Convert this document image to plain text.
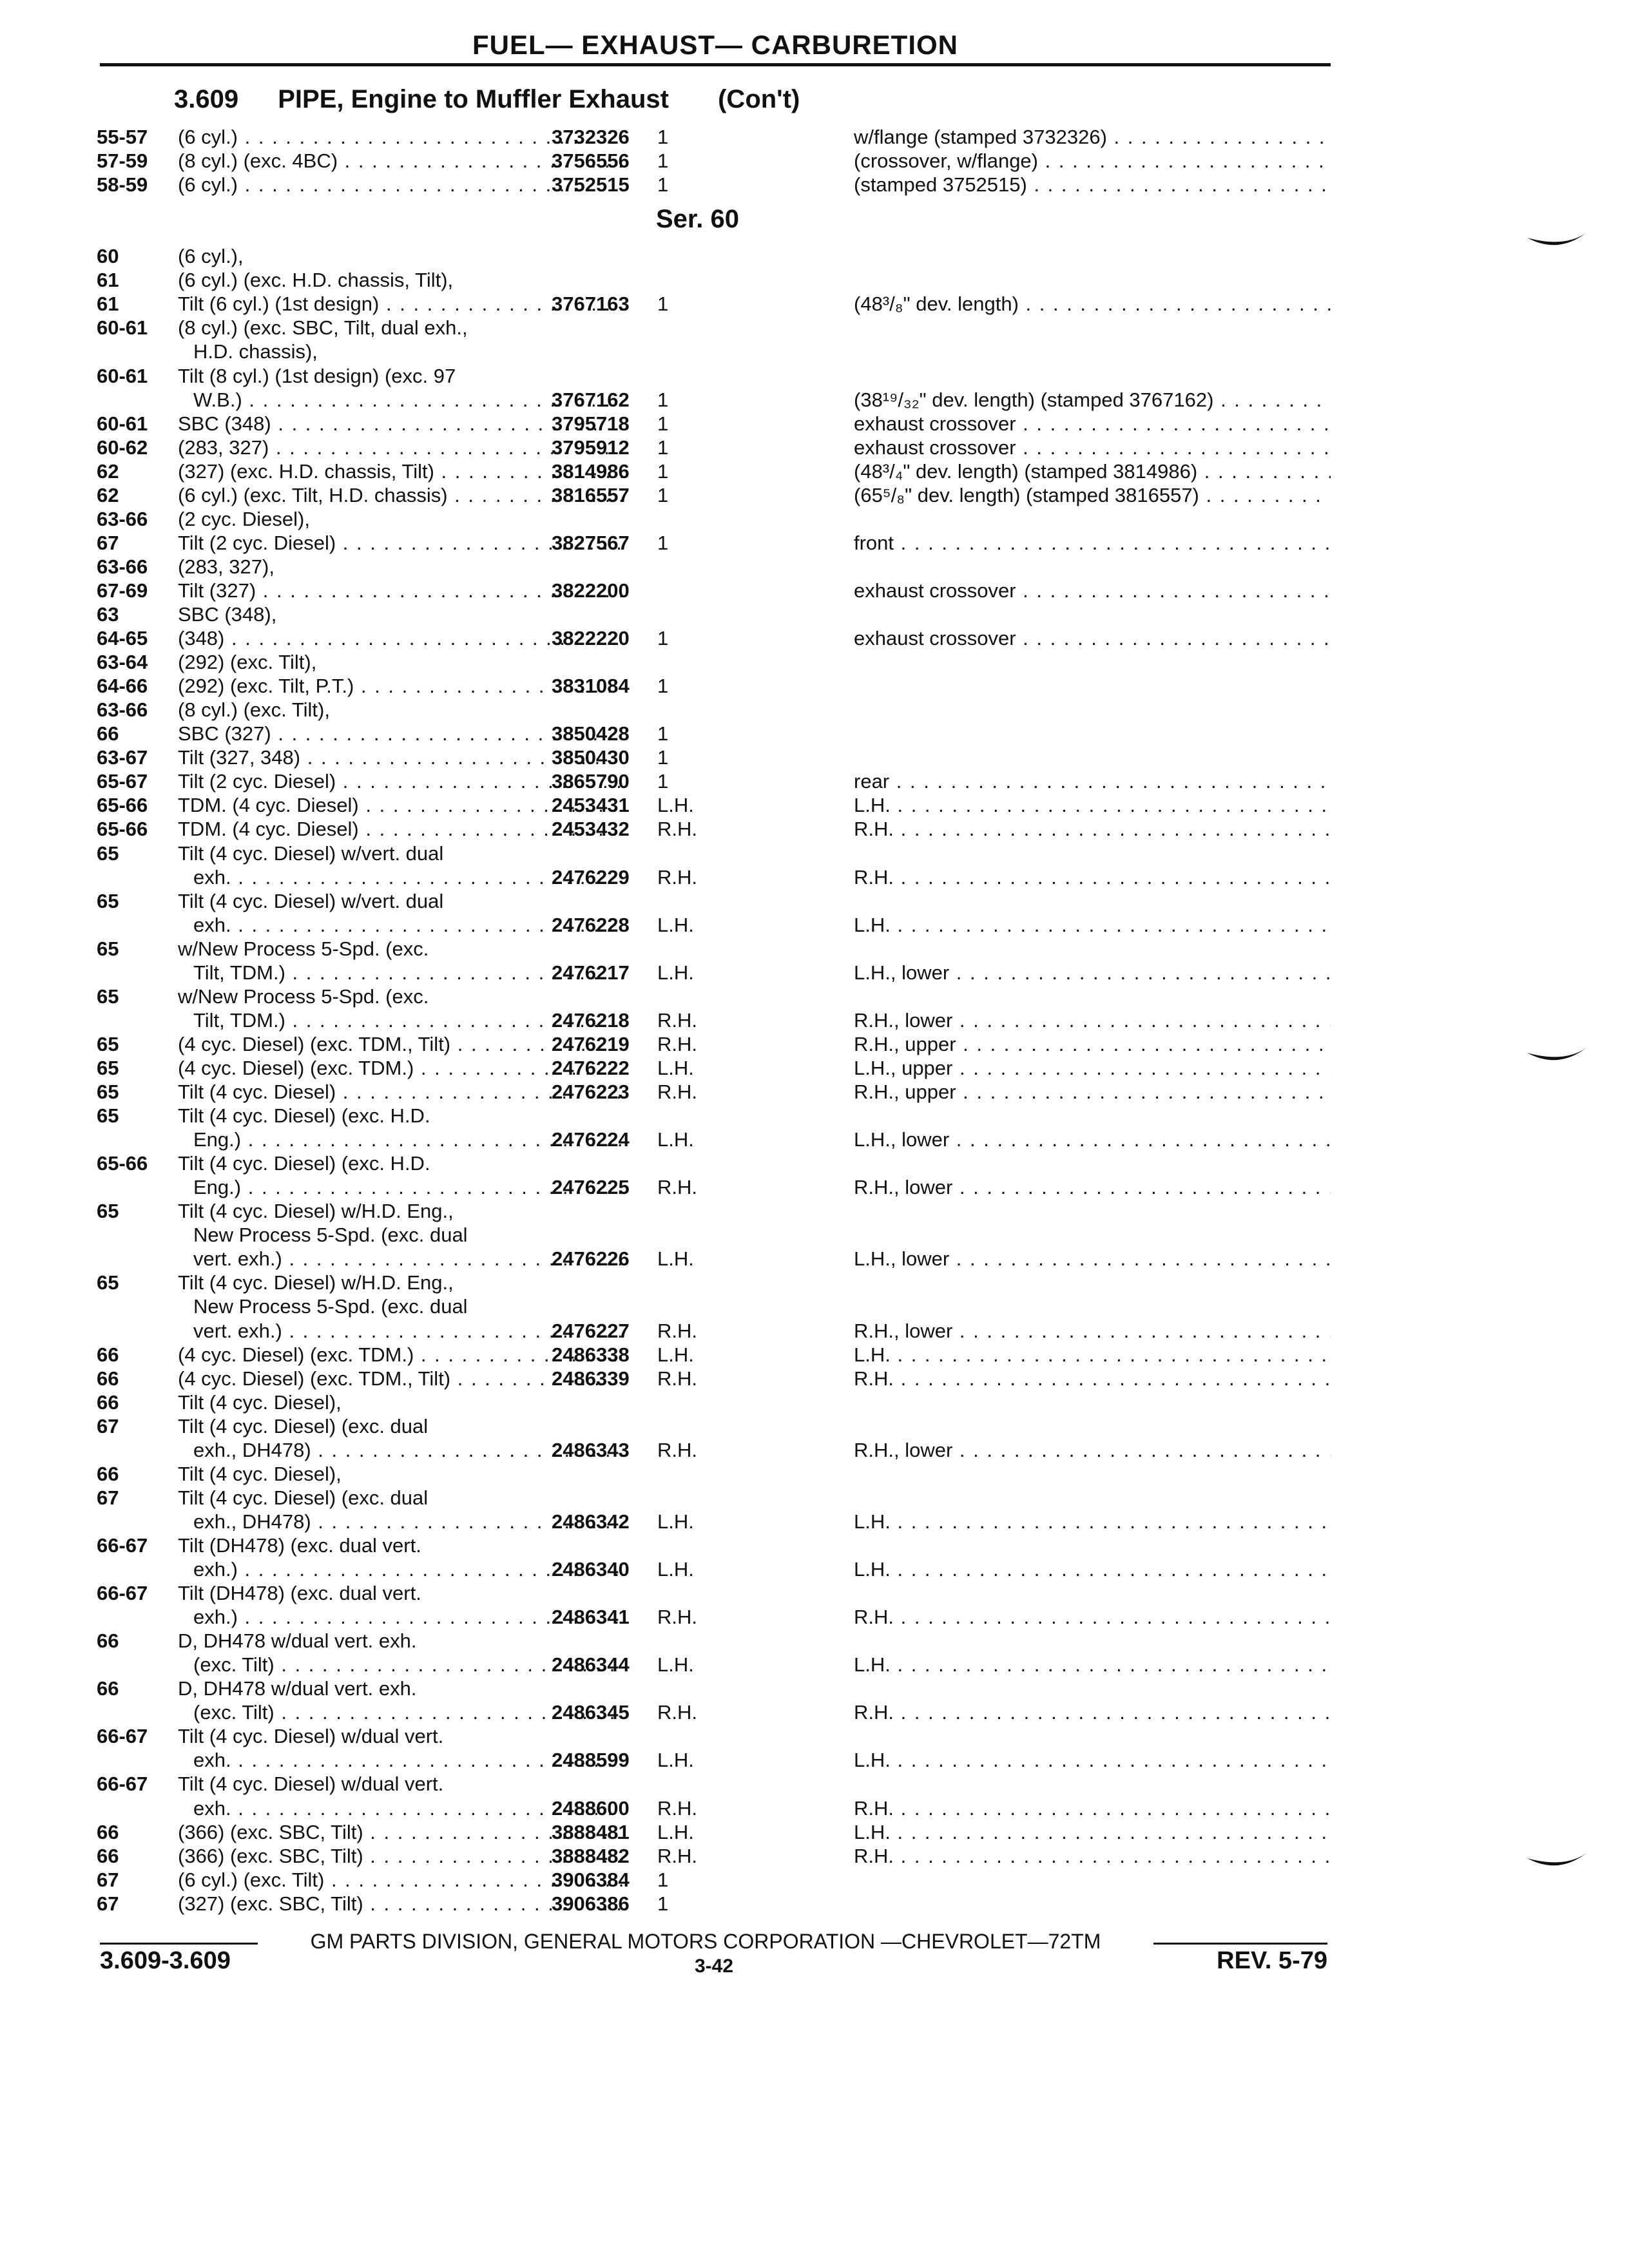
FUEL— EXHAUST— CARBURETION
3.609 PIPE, Engine to Muffler Exhaust (Con't)
Ser. 60
55-57	(6 cyl.) . . .	3732326 1	w/flange (stamped 3732326) . . .
57-59	(8 cyl.) (exc. 4BC) . . .	3756556 1	(crossover, w/flange) . . .
58-59	(6 cyl.) . . .	3752515 1	(stamped 3752515) . . .
60	(6 cyl.),
61	(6 cyl.) (exc. H.D. chassis, Tilt),
61	Tilt (6 cyl.) (1st design) . . .	3767163 1	(48³/₈" dev. length) . . .
60-61	(8 cyl.) (exc. SBC, Tilt, dual exh.,
H.D. chassis),
60-61	Tilt (8 cyl.) (1st design) (exc. 97
W.B.) . . .	3767162 1	(38¹⁹/₃₂" dev. length) (stamped 3767162) . . .
60-61	SBC (348) . . .	3795718 1	exhaust crossover . . .
60-62	(283, 327) . . .	3795912 1	exhaust crossover . . .
62	(327) (exc. H.D. chassis, Tilt) . . .	3814986 1	(48³/₄" dev. length) (stamped 3814986) . . .
62	(6 cyl.) (exc. Tilt, H.D. chassis) . . .	3816557 1	(65⁵/₈" dev. length) (stamped 3816557) . . .
63-66	(2 cyc. Diesel),
67	Tilt (2 cyc. Diesel) . . .	3827567 1	front . . .
63-66	(283, 327),
67-69	Tilt (327) . . .	3822200	exhaust crossover . . .
63	SBC (348),
64-65	(348) . . .	3822220 1	exhaust crossover . . .
63-64	(292) (exc. Tilt),
64-66	(292) (exc. Tilt, P.T.) . . .	3831084 1
63-66	(8 cyl.) (exc. Tilt),
66	SBC (327) . . .	3850428 1
63-67	Tilt (327, 348) . . .	3850430 1
65-67	Tilt (2 cyc. Diesel) . . .	3865790 1	rear . . .
65-66	TDM. (4 cyc. Diesel) . . .	2453431 L.H.	L.H. . . .
65-66	TDM. (4 cyc. Diesel) . . .	2453432 R.H.	R.H. . . .
65	Tilt (4 cyc. Diesel) w/vert. dual
exh. . . .	2476229 R.H.	R.H. . . .
65	Tilt (4 cyc. Diesel) w/vert. dual
exh. . . .	2476228 L.H.	L.H. . . .
65	w/New Process 5-Spd. (exc.
Tilt, TDM.) . . .	2476217 L.H.	L.H., lower . . .
65	w/New Process 5-Spd. (exc.
Tilt, TDM.) . . .	2476218 R.H.	R.H., lower . . .
65	(4 cyc. Diesel) (exc. TDM., Tilt) . . .	2476219 R.H.	R.H., upper . . .
65	(4 cyc. Diesel) (exc. TDM.) . . .	2476222 L.H.	L.H., upper . . .
65	Tilt (4 cyc. Diesel) . . .	2476223 R.H.	R.H., upper . . .
65	Tilt (4 cyc. Diesel) (exc. H.D.
Eng.) . . .	2476224 L.H.	L.H., lower . . .
65-66	Tilt (4 cyc. Diesel) (exc. H.D.
Eng.) . . .	2476225 R.H.	R.H., lower . . .
65	Tilt (4 cyc. Diesel) w/H.D. Eng.,
New Process 5-Spd. (exc. dual
vert. exh.) . . .	2476226 L.H.	L.H., lower . . .
65	Tilt (4 cyc. Diesel) w/H.D. Eng.,
New Process 5-Spd. (exc. dual
vert. exh.) . . .	2476227 R.H.	R.H., lower . . .
66	(4 cyc. Diesel) (exc. TDM.) . . .	2486338 L.H.	L.H. . . .
66	(4 cyc. Diesel) (exc. TDM., Tilt) . . .	2486339 R.H.	R.H. . . .
66	Tilt (4 cyc. Diesel),
67	Tilt (4 cyc. Diesel) (exc. dual
exh., DH478) . . .	2486343 R.H.	R.H., lower . . .
66	Tilt (4 cyc. Diesel),
67	Tilt (4 cyc. Diesel) (exc. dual
exh., DH478) . . .	2486342 L.H.	L.H. . . .
66-67	Tilt (DH478) (exc. dual vert.
exh.) . . .	2486340 L.H.	L.H. . . .
66-67	Tilt (DH478) (exc. dual vert.
exh.) . . .	2486341 R.H.	R.H. . . .
66	D, DH478 w/dual vert. exh.
(exc. Tilt) . . .	2486344 L.H.	L.H. . . .
66	D, DH478 w/dual vert. exh.
(exc. Tilt) . . .	2486345 R.H.	R.H. . . .
66-67	Tilt (4 cyc. Diesel) w/dual vert.
exh. . . .	2488599 L.H.	L.H. . . .
66-67	Tilt (4 cyc. Diesel) w/dual vert.
exh. . . .	2488600 R.H.	R.H. . . .
66	(366) (exc. SBC, Tilt) . . .	3888481 L.H.	L.H. . . .
66	(366) (exc. SBC, Tilt) . . .	3888482 R.H.	R.H. . . .
67	(6 cyl.) (exc. Tilt) . . .	3906384 1
67	(327) (exc. SBC, Tilt) . . .	3906386 1
GM PARTS DIVISION, GENERAL MOTORS CORPORATION —CHEVROLET—72TM
3.609-3.609	3-42	REV. 5-79
